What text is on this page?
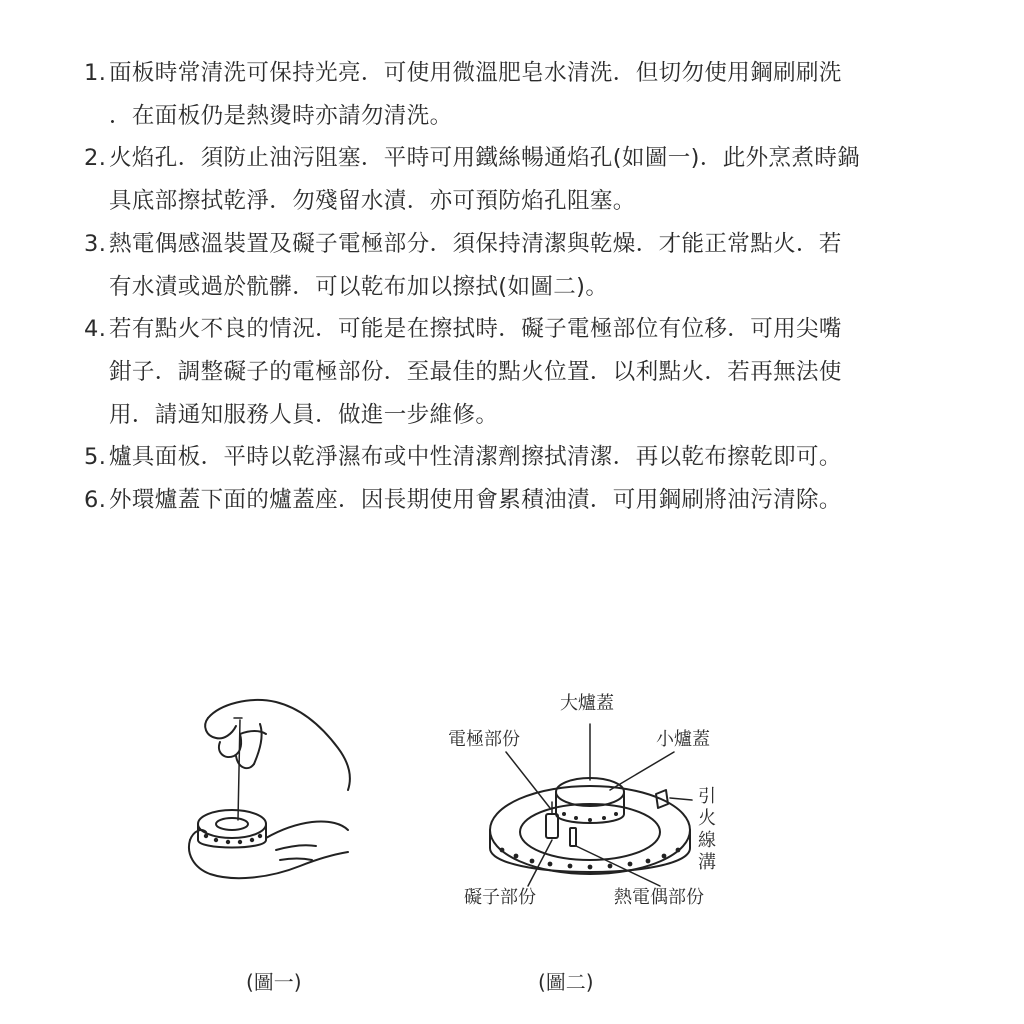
1. 面板時常清洗可保持光亮．可使用微溫肥皂水清洗．但切勿使用鋼刷刷洗
．在面板仍是熱燙時亦請勿清洗。
2. 火焰孔．須防止油污阻塞．平時可用鐵絲暢通焰孔(如圖一)．此外烹煮時鍋
具底部擦拭乾淨．勿殘留水漬．亦可預防焰孔阻塞。
3. 熱電偶感溫裝置及礙子電極部分．須保持清潔與乾燥．才能正常點火．若
有水漬或過於骯髒．可以乾布加以擦拭(如圖二)。
4. 若有點火不良的情況．可能是在擦拭時．礙子電極部位有位移．可用尖嘴
鉗子．調整礙子的電極部份．至最佳的點火位置．以利點火．若再無法使
用．請通知服務人員．做進一步維修。
5. 爐具面板．平時以乾淨濕布或中性清潔劑擦拭清潔．再以乾布擦乾即可。
6. 外環爐蓋下面的爐蓋座．因長期使用會累積油漬．可用鋼刷將油污清除。
大爐蓋
電極部份	小爐蓋
引火線溝
礙子部份	熱電偶部份
(圖一)	(圖二)
